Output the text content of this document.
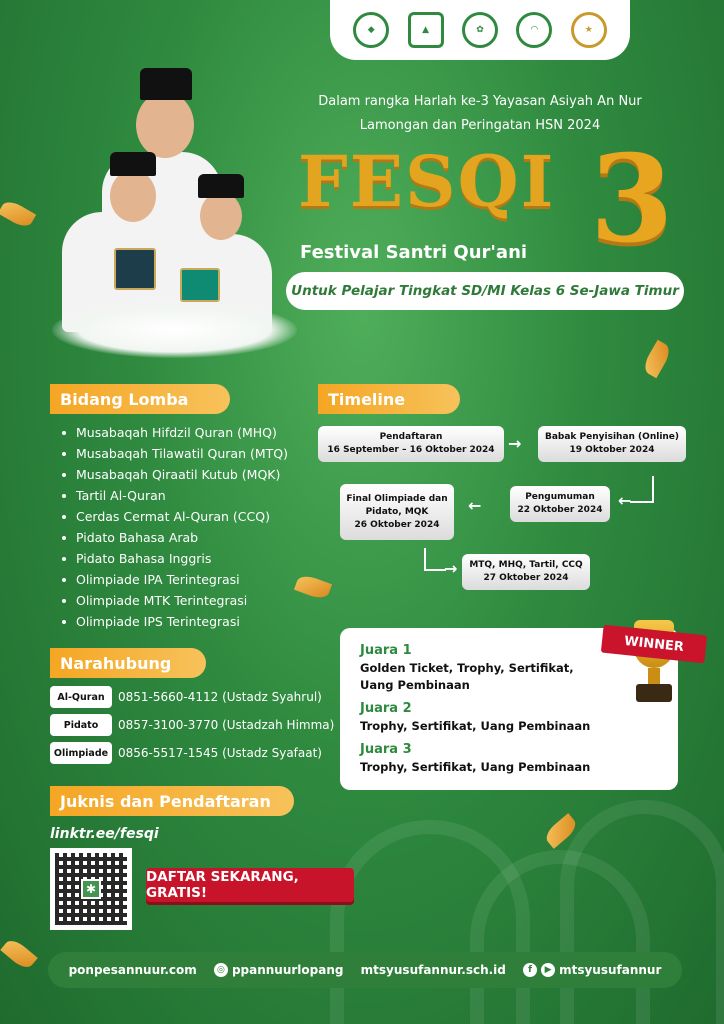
◆	▲	✿	◠	★
Dalam rangka Harlah ke-3 Yayasan Asiyah An Nur
Lamongan dan Peringatan HSN 2024
FESQI 3
Festival Santri Qur'ani
Untuk Pelajar Tingkat SD/MI Kelas 6 Se-Jawa Timur
Bidang Lomba
Musabaqah Hifdzil Quran (MHQ)
Musabaqah Tilawatil Quran (MTQ)
Musabaqah Qiraatil Kutub (MQK)
Tartil Al-Quran
Cerdas Cermat Al-Quran (CCQ)
Pidato Bahasa Arab
Pidato Bahasa Inggris
Olimpiade IPA Terintegrasi
Olimpiade MTK Terintegrasi
Olimpiade IPS Terintegrasi
Timeline
Pendaftaran
16 September – 16 Oktober 2024 →	Babak Penyisihan (Online)
19 Oktober 2024
←
Pengumuman
22 Oktober 2024
←
Final Olimpiade dan Pidato, MQK
26 Oktober 2024
→	MTQ, MHQ, Tartil, CCQ
27 Oktober 2024
Narahubung
Al-Quran	0851-5660-4112 (Ustadz Syahrul)
Pidato	0857-3100-3770 (Ustadzah Himma)
Olimpiade 0856-5517-1545 (Ustadz Syafaat)
Juara 1
Golden Ticket, Trophy, Sertifikat, Uang Pembinaan
Juara 2
Trophy, Sertifikat, Uang Pembinaan
Juara 3
Trophy, Sertifikat, Uang Pembinaan
WINNER
Juknis dan Pendaftaran
linktr.ee/fesqi
✱
DAFTAR SEKARANG, GRATIS!
ponpesannuur.com	◎ ppannuurlopang mtsyusufannur.sch.id	f	▶ mtsyusufannur
